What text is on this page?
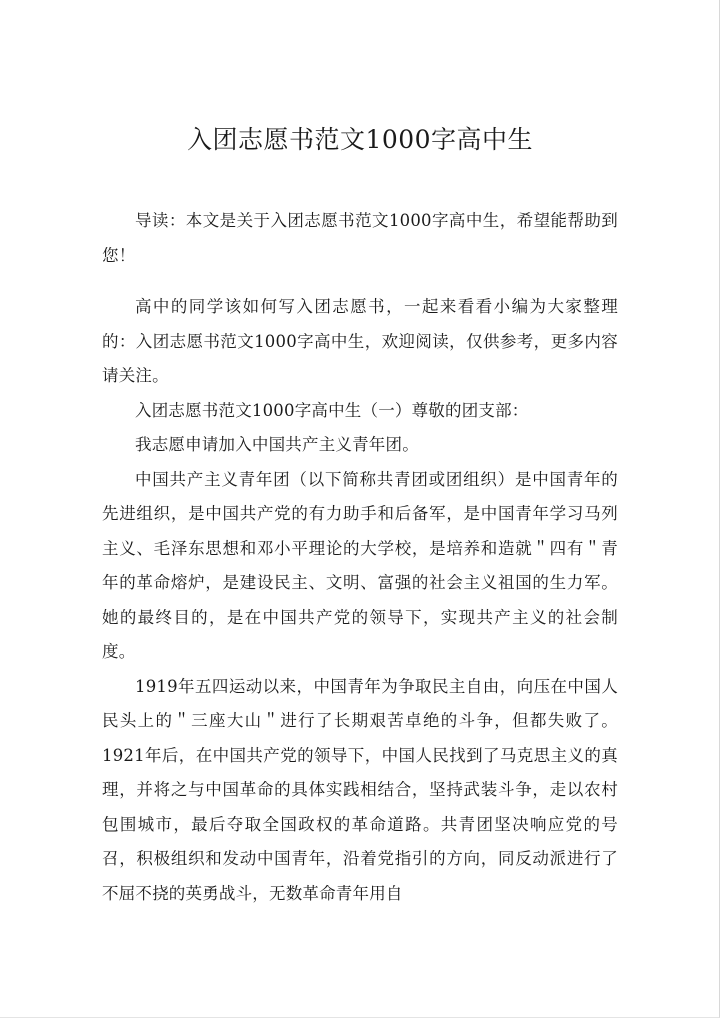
入团志愿书范文1000字高中生

导读：本文是关于入团志愿书范文1000字高中生，希望能帮助到您！

高中的同学该如何写入团志愿书，一起来看看小编为大家整理的：入团志愿书范文1000字高中生，欢迎阅读，仅供参考，更多内容请关注。

入团志愿书范文1000字高中生（一）尊敬的团支部：

我志愿申请加入中国共产主义青年团。

中国共产主义青年团（以下简称共青团或团组织）是中国青年的先进组织，是中国共产党的有力助手和后备军，是中国青年学习马列主义、毛泽东思想和邓小平理论的大学校，是培养和造就＂四有＂青年的革命熔炉，是建设民主、文明、富强的社会主义祖国的生力军。她的最终目的，是在中国共产党的领导下，实现共产主义的社会制度。

1919年五四运动以来，中国青年为争取民主自由，向压在中国人民头上的＂三座大山＂进行了长期艰苦卓绝的斗争，但都失败了。1921年后，在中国共产党的领导下，中国人民找到了马克思主义的真理，并将之与中国革命的具体实践相结合，坚持武装斗争，走以农村包围城市，最后夺取全国政权的革命道路。共青团坚决响应党的号召，积极组织和发动中国青年，沿着党指引的方向，同反动派进行了不屈不挠的英勇战斗，无数革命青年用自
